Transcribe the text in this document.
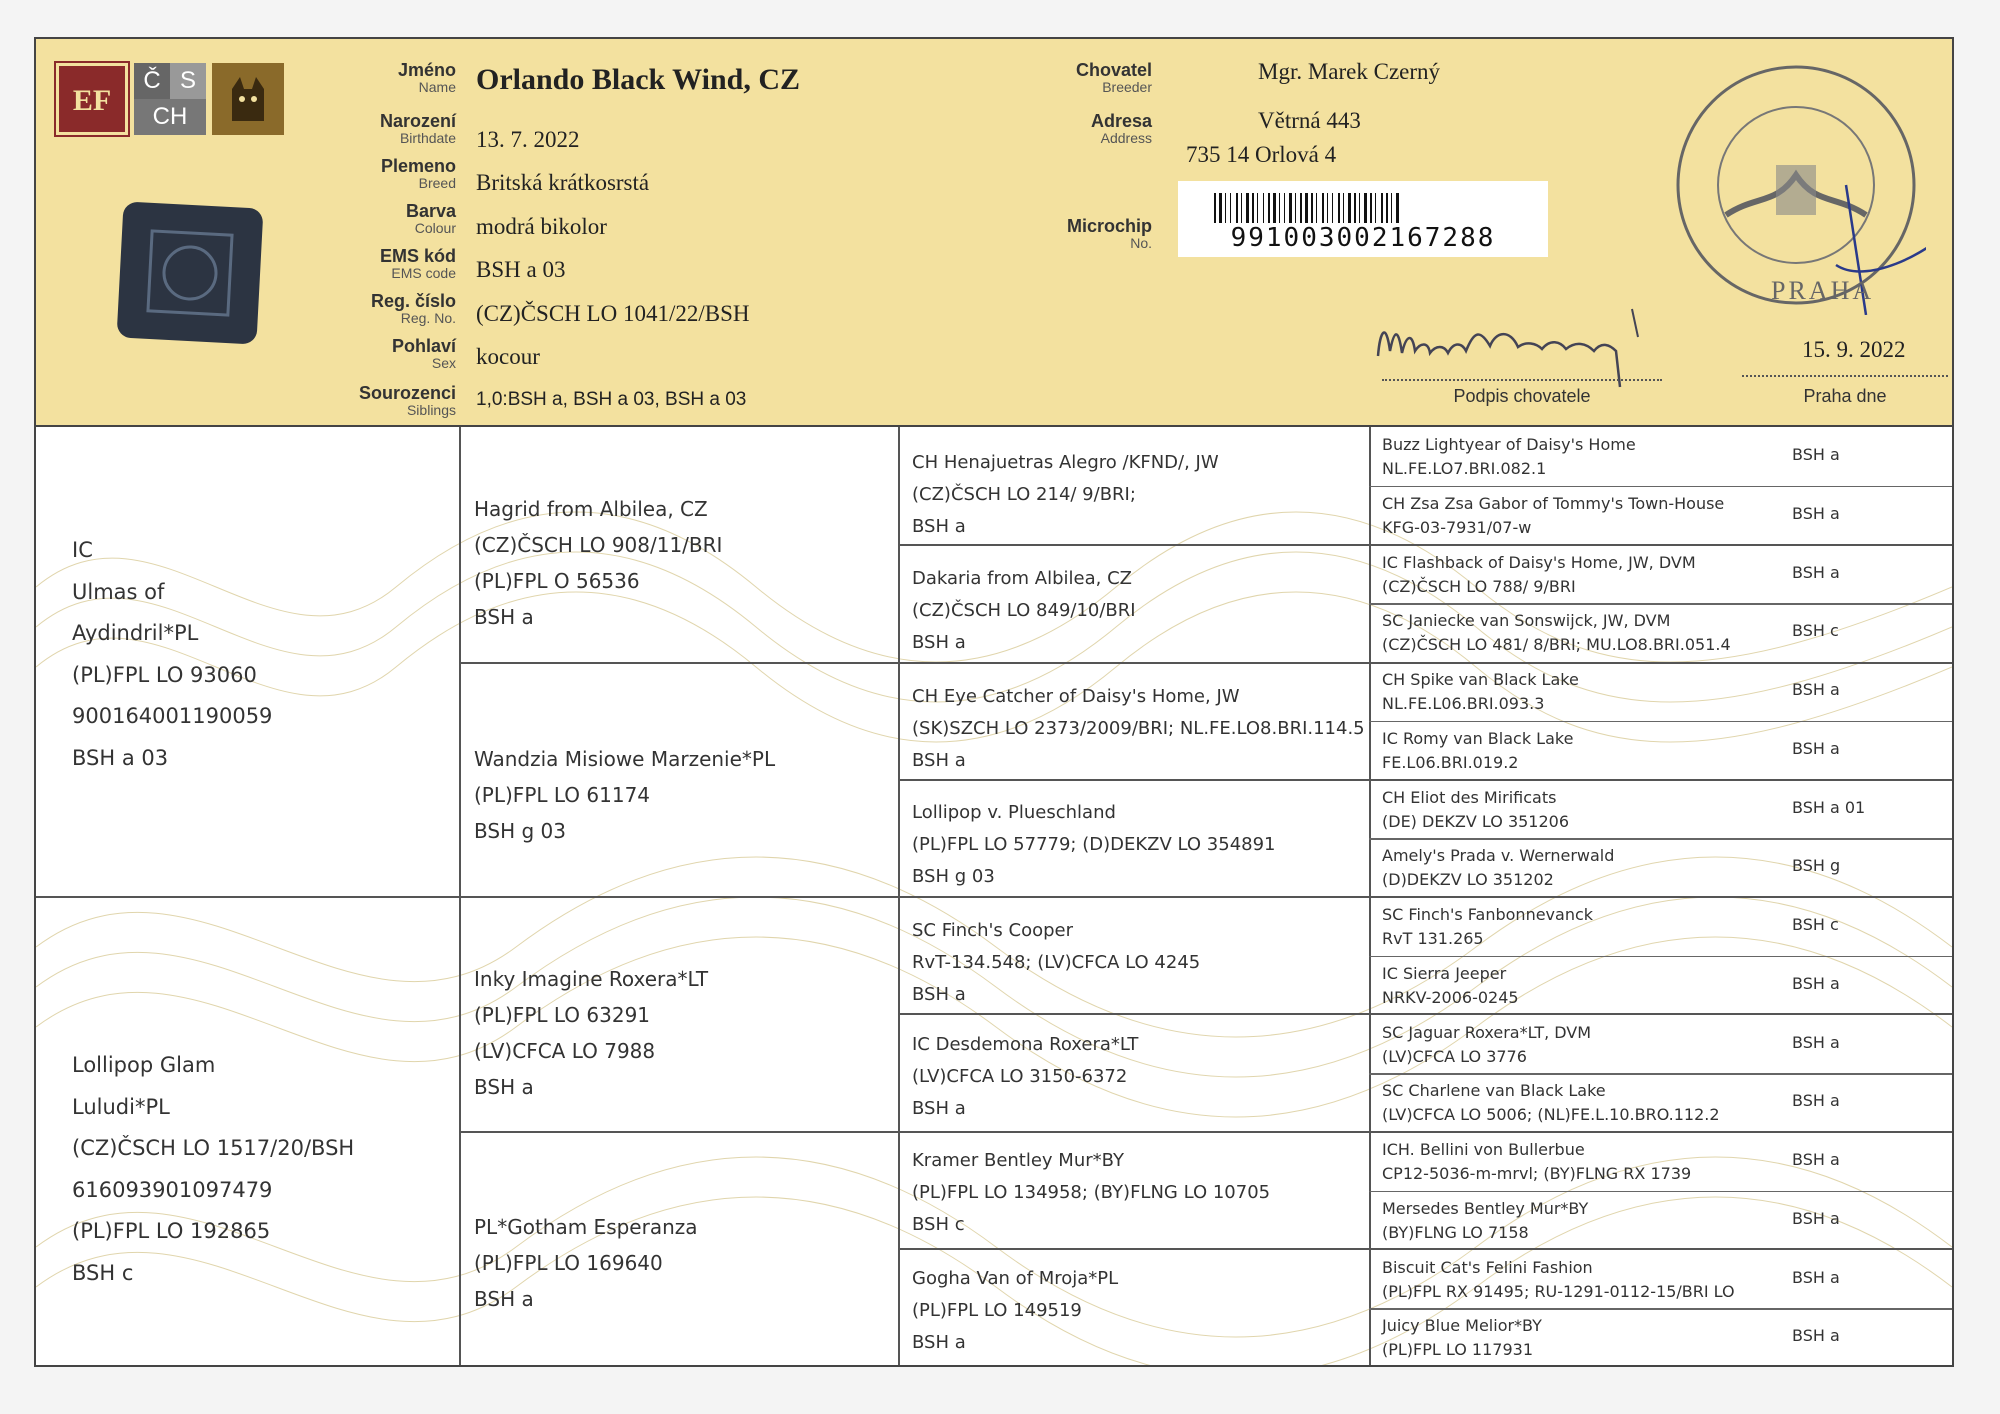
EF
Č S
CH
Jméno
Name
Narození
Birthdate
Plemeno
Breed
Barva
Colour
EMS kód
EMS code
Reg. číslo
Reg. No.
Pohlaví
Sex
Sourozenci
Siblings
Orlando Black Wind, CZ
13. 7. 2022
Britská krátkosrstá
modrá bikolor
BSH a 03
(CZ)ČSCH LO 1041/22/BSH
kocour
1,0:BSH a, BSH a 03, BSH a 03
Chovatel
Breeder
Adresa
Address
Microchip
No.
Mgr. Marek Czerný
Větrná 443
735 14 Orlová 4
991003002167288
Podpis chovatele
PRAHA
15. 9. 2022
Praha dne
IC
Ulmas of
Aydindril*PL
(PL)FPL LO 93060
900164001190059
BSH a 03
Lollipop Glam
Luludi*PL
(CZ)ČSCH LO 1517/20/BSH
616093901097479
(PL)FPL LO 192865
BSH c
Hagrid from Albilea, CZ
(CZ)ČSCH LO 908/11/BRI
(PL)FPL O 56536
BSH a
Wandzia Misiowe Marzenie*PL
(PL)FPL LO 61174
BSH g 03
Inky Imagine Roxera*LT
(PL)FPL LO 63291
(LV)CFCA LO 7988
BSH a
PL*Gotham Esperanza
(PL)FPL LO 169640
BSH a
CH Henajuetras Alegro /KFND/, JW
(CZ)ČSCH LO 214/ 9/BRI;
BSH a
Dakaria from Albilea, CZ
(CZ)ČSCH LO 849/10/BRI
BSH a
CH Eye Catcher of Daisy's Home, JW
(SK)SZCH LO 2373/2009/BRI; NL.FE.LO8.BRI.114.5
BSH a
Lollipop v. Plueschland
(PL)FPL LO 57779; (D)DEKZV LO 354891
BSH g 03
SC Finch's Cooper
RvT-134.548; (LV)CFCA LO 4245
BSH a
IC Desdemona Roxera*LT
(LV)CFCA LO 3150-6372
BSH a
Kramer Bentley Mur*BY
(PL)FPL LO 134958; (BY)FLNG LO 10705
BSH c
Gogha Van of Mroja*PL
(PL)FPL LO 149519
BSH a
Buzz Lightyear of Daisy's Home
NL.FE.LO7.BRI.082.1
BSH a
CH Zsa Zsa Gabor of Tommy's Town-House
KFG-03-7931/07-w
BSH a
IC Flashback of Daisy's Home, JW, DVM
(CZ)ČSCH LO 788/ 9/BRI
BSH a
SC Janiecke van Sonswijck, JW, DVM
(CZ)ČSCH LO 481/ 8/BRI; MU.LO8.BRI.051.4
BSH c
CH Spike van Black Lake
NL.FE.L06.BRI.093.3
BSH a
IC Romy van Black Lake
FE.L06.BRI.019.2
BSH a
CH Eliot des Mirificats
(DE) DEKZV LO 351206
BSH a 01
Amely's Prada v. Wernerwald
(D)DEKZV LO 351202
BSH g
SC Finch's Fanbonnevanck
RvT 131.265
BSH c
IC Sierra Jeeper
NRKV-2006-0245
BSH a
SC Jaguar Roxera*LT, DVM
(LV)CFCA LO 3776
BSH a
SC Charlene van Black Lake
(LV)CFCA LO 5006; (NL)FE.L.10.BRO.112.2
BSH a
ICH. Bellini von Bullerbue
CP12-5036-m-mrvl; (BY)FLNG RX 1739
BSH a
Mersedes Bentley Mur*BY
(BY)FLNG LO 7158
BSH a
Biscuit Cat's Felini Fashion
(PL)FPL RX 91495; RU-1291-0112-15/BRI LO
BSH a
Juicy Blue Melior*BY
(PL)FPL LO 117931
BSH a
